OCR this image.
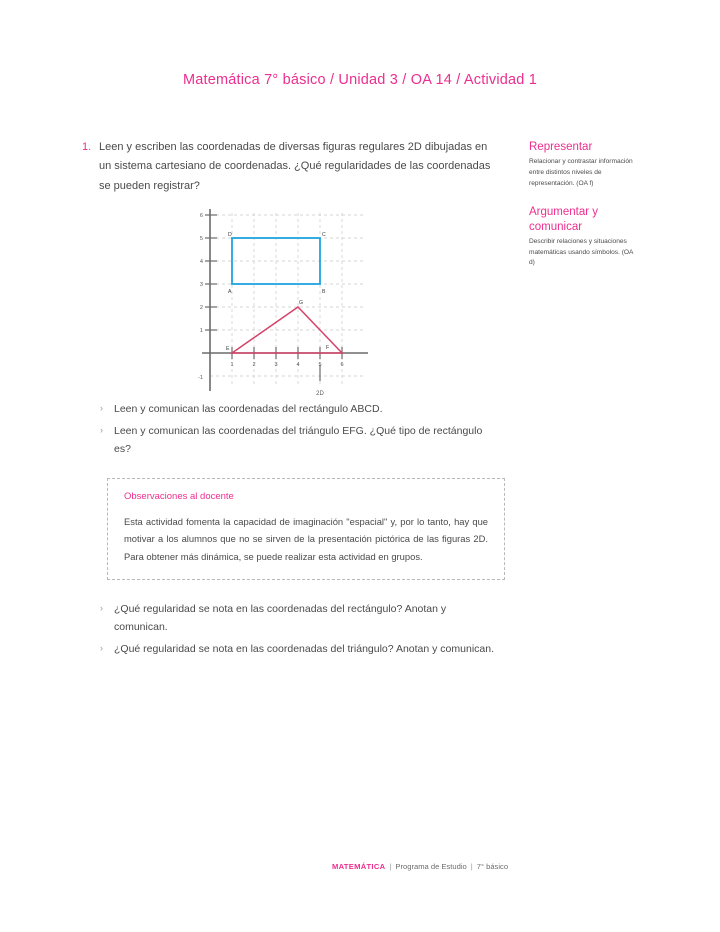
Matemática 7° básico / Unidad 3 / OA 14 / Actividad 1
1. Leen y escriben las coordenadas de diversas figuras regulares 2D dibujadas en un sistema cartesiano de coordenadas. ¿Qué regularidades de las coordenadas se pueden registrar?
Representar
Relacionar y contrastar información entre distintos niveles de representación. (OA f)
Argumentar y comunicar
Describir relaciones y situaciones matemáticas usando símbolos. (OA d)
6
5
4
3
2
1
-1
1	2	3	4	5	6
2D
A	B
C
D
E
G
F
›	Leen y comunican las coordenadas del rectángulo ABCD.
›	Leen y comunican las coordenadas del triángulo EFG. ¿Qué tipo de rectángulo es?
Observaciones al docente
Esta actividad fomenta la capacidad de imaginación "espacial" y, por lo tanto, hay que motivar a los alumnos que no se sirven de la presentación pictórica de las figuras 2D. Para obtener más dinámica, se puede realizar esta actividad en grupos.
›	¿Qué regularidad se nota en las coordenadas del rectángulo? Anotan y comunican.
›	¿Qué regularidad se nota en las coordenadas del triángulo? Anotan y comunican.
MATEMÁTICA | Programa de Estudio | 7° básico
